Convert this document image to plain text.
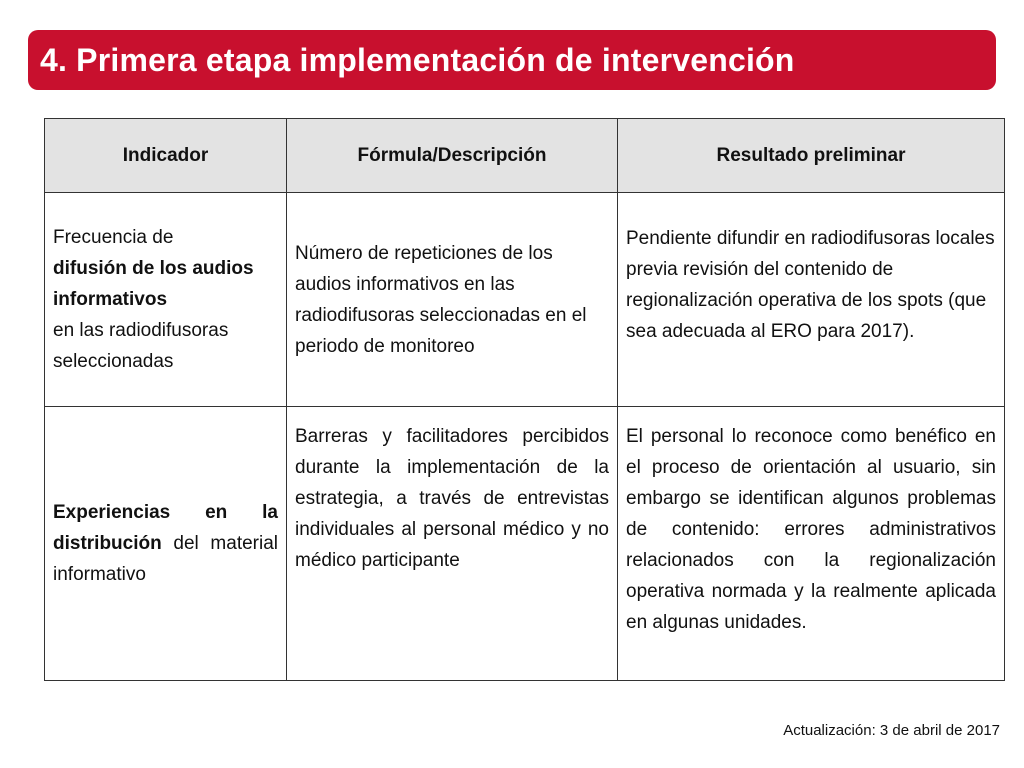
4. Primera etapa implementación de intervención
Indicador	Fórmula/Descripción	Resultado preliminar
Frecuencia de
difusión de los audios informativos
en las radiodifusoras seleccionadas	Número de repeticiones de los audios informativos en las radiodifusoras seleccionadas en el periodo de monitoreo	Pendiente difundir en radiodifusoras locales previa revisión del contenido de regionalización operativa de los spots (que sea adecuada al ERO para 2017).
Experiencias en la distribución del material informativo	Barreras y facilitadores percibidos durante la implementación de la estrategia, a través de entrevistas individuales al personal médico y no médico participante	El personal lo reconoce como benéfico en el proceso de orientación al usuario, sin embargo se identifican algunos problemas de contenido: errores administrativos relacionados con la regionalización operativa normada y la realmente aplicada en algunas unidades.
Actualización: 3 de abril de 2017
